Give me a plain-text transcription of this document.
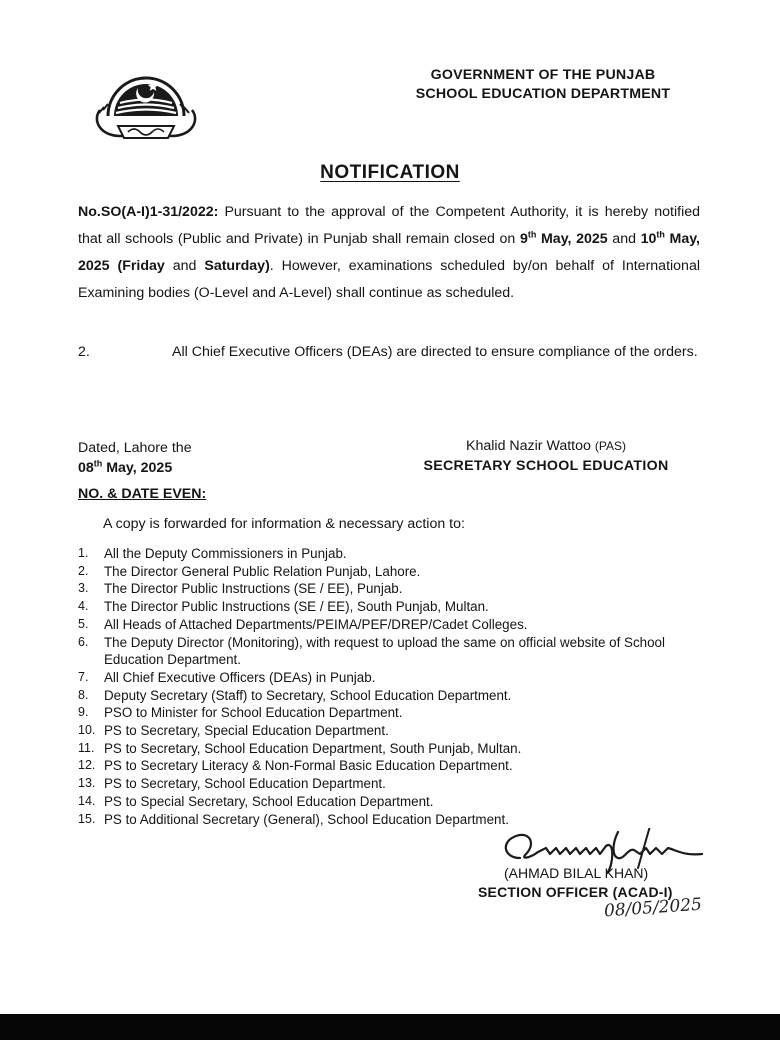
GOVERNMENT OF THE PUNJAB
SCHOOL EDUCATION DEPARTMENT
NOTIFICATION
No.SO(A-I)1-31/2022: Pursuant to the approval of the Competent Authority, it is hereby notified that all schools (Public and Private) in Punjab shall remain closed on 9th May, 2025 and 10th May, 2025 (Friday and Saturday). However, examinations scheduled by/on behalf of International Examining bodies (O-Level and A-Level) shall continue as scheduled.
2.	All Chief Executive Officers (DEAs) are directed to ensure compliance of the orders.
Dated, Lahore the
08th May, 2025
Khalid Nazir Wattoo (PAS)
SECRETARY SCHOOL EDUCATION
NO. & DATE EVEN:
A copy is forwarded for information & necessary action to:
1.	All the Deputy Commissioners in Punjab.
2.	The Director General Public Relation Punjab, Lahore.
3.	The Director Public Instructions (SE / EE), Punjab.
4.	The Director Public Instructions (SE / EE), South Punjab, Multan.
5.	All Heads of Attached Departments/PEIMA/PEF/DREP/Cadet Colleges.
6.	The Deputy Director (Monitoring), with request to upload the same on official website of School Education Department.
7.	All Chief Executive Officers (DEAs) in Punjab.
8.	Deputy Secretary (Staff) to Secretary, School Education Department.
9.	PSO to Minister for School Education Department.
10. PS to Secretary, Special Education Department.
11. PS to Secretary, School Education Department, South Punjab, Multan.
12. PS to Secretary Literacy & Non-Formal Basic Education Department.
13. PS to Secretary, School Education Department.
14. PS to Special Secretary, School Education Department.
15. PS to Additional Secretary (General), School Education Department.
(AHMAD BILAL KHAN)
SECTION OFFICER (ACAD-I)
08/05/2025
